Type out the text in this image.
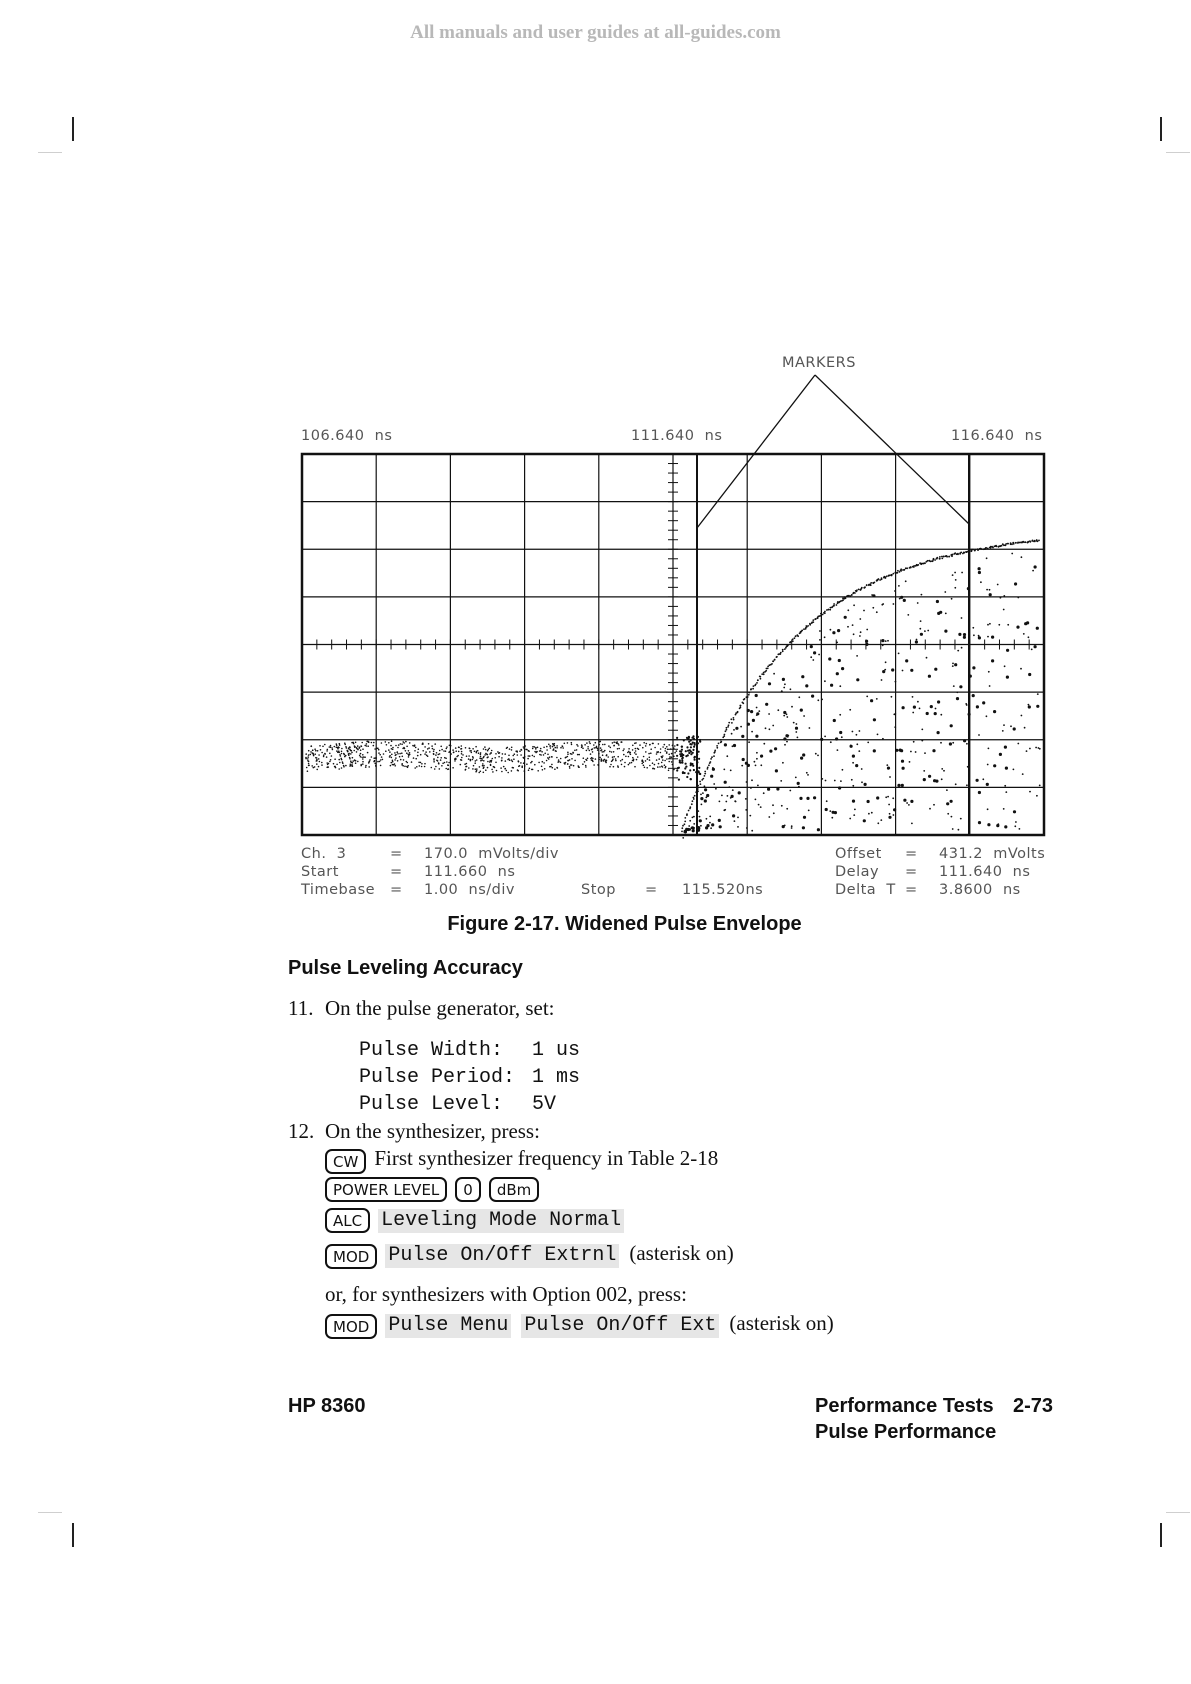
All manuals and user guides at all-guides.com
MARKERS
106.640  ns	111.640  ns	116.640  ns
Ch.  3	= 170.0  mVolts/div	Offset = 431.2  mVolts
Start	= 111.660  ns	Delay = 111.640  ns
Timebase = 1.00  ns/div	Stop = 115.520ns	Delta  T = 3.8600  ns
Figure 2-17. Widened Pulse Envelope
Pulse Leveling Accuracy
11. On the pulse generator, set:
Pulse Width: 1 us
Pulse Period: 1 ms
Pulse Level: 5V
12. On the synthesizer, press:
CW First synthesizer frequency in Table 2-18
POWER LEVEL 0 dBm
ALC Leveling Mode Normal
MOD Pulse On/Off Extrnl (asterisk on)
or, for synthesizers with Option 002, press:
MOD Pulse Menu Pulse On/Off Ext (asterisk on)
HP 8360	Performance Tests 2-73
Pulse Performance
